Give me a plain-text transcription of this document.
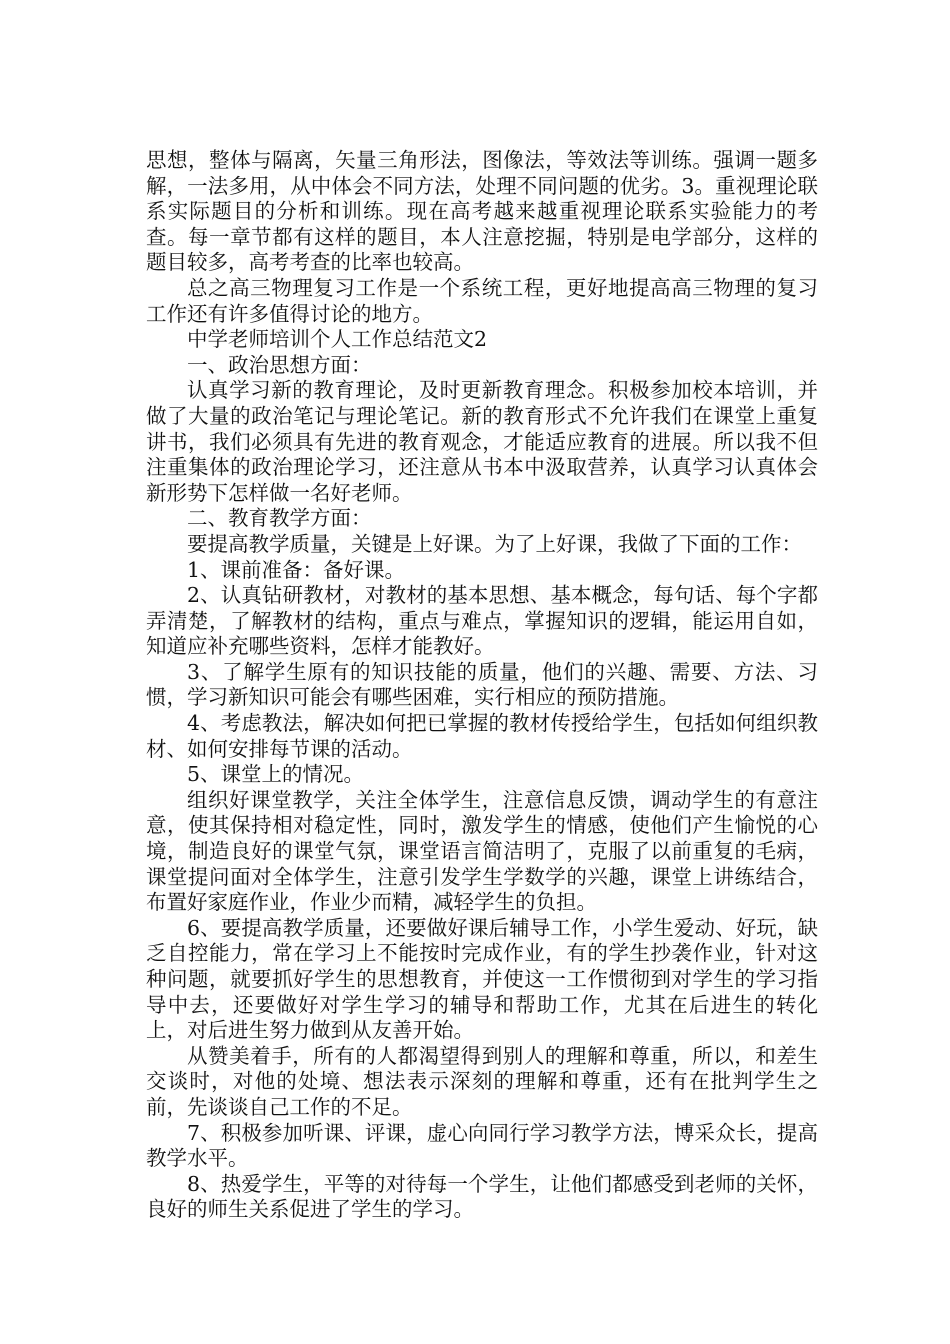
思想，整体与隔离，矢量三角形法，图像法，等效法等训练。强调一题多解，一法多用，从中体会不同方法，处理不同问题的优劣。3。重视理论联系实际题目的分析和训练。现在高考越来越重视理论联系实验能力的考查。每一章节都有这样的题目，本人注意挖掘，特别是电学部分，这样的题目较多，高考考查的比率也较高。

总之高三物理复习工作是一个系统工程，更好地提高高三物理的复习工作还有许多值得讨论的地方。

中学老师培训个人工作总结范文2

一、政治思想方面：

认真学习新的教育理论，及时更新教育理念。积极参加校本培训，并做了大量的政治笔记与理论笔记。新的教育形式不允许我们在课堂上重复讲书，我们必须具有先进的教育观念，才能适应教育的进展。所以我不但注重集体的政治理论学习，还注意从书本中汲取营养，认真学习认真体会新形势下怎样做一名好老师。

二、教育教学方面：

要提高教学质量，关键是上好课。为了上好课，我做了下面的工作：

1、课前准备：备好课。

2、认真钻研教材，对教材的基本思想、基本概念，每句话、每个字都弄清楚，了解教材的结构，重点与难点，掌握知识的逻辑，能运用自如，知道应补充哪些资料，怎样才能教好。

3、了解学生原有的知识技能的质量，他们的兴趣、需要、方法、习惯，学习新知识可能会有哪些困难，实行相应的预防措施。

4、考虑教法，解决如何把已掌握的教材传授给学生，包括如何组织教材、如何安排每节课的活动。

5、课堂上的情况。

组织好课堂教学，关注全体学生，注意信息反馈，调动学生的有意注意，使其保持相对稳定性，同时，激发学生的情感，使他们产生愉悦的心境，制造良好的课堂气氛，课堂语言简洁明了，克服了以前重复的毛病，课堂提问面对全体学生，注意引发学生学数学的兴趣，课堂上讲练结合，布置好家庭作业，作业少而精，减轻学生的负担。

6、要提高教学质量，还要做好课后辅导工作，小学生爱动、好玩，缺乏自控能力，常在学习上不能按时完成作业，有的学生抄袭作业，针对这种问题，就要抓好学生的思想教育，并使这一工作惯彻到对学生的学习指导中去，还要做好对学生学习的辅导和帮助工作，尤其在后进生的转化上，对后进生努力做到从友善开始。

从赞美着手，所有的人都渴望得到别人的理解和尊重，所以，和差生交谈时，对他的处境、想法表示深刻的理解和尊重，还有在批判学生之前，先谈谈自己工作的不足。

7、积极参加听课、评课，虚心向同行学习教学方法，博采众长，提高教学水平。

8、热爱学生，平等的对待每一个学生，让他们都感受到老师的关怀，良好的师生关系促进了学生的学习。
